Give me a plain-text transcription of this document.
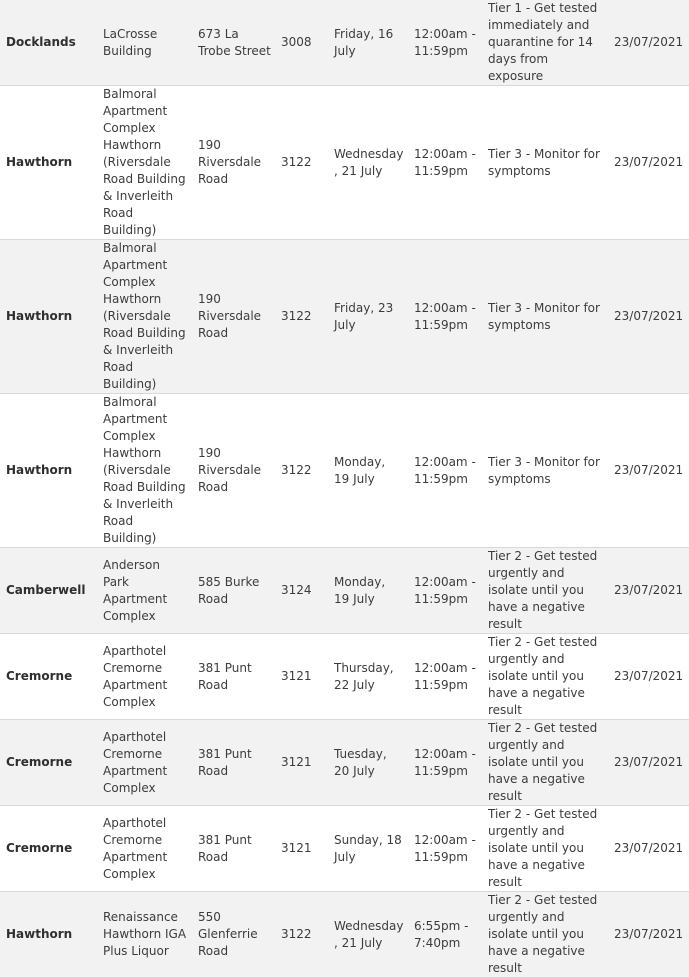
Docklands	LaCrosse Building	673 La Trobe Street	3008	Friday, 16 July	12:00am - 11:59pm	Tier 1 - Get tested immediately and quarantine for 14 days from exposure	23/07/2021
Hawthorn	Balmoral Apartment Complex Hawthorn (Riversdale Road Building & Inverleith Road Building)	190 Riversdale Road	3122	Wednesday, 21 July	12:00am - 11:59pm	Tier 3 - Monitor for symptoms	23/07/2021
Hawthorn	Balmoral Apartment Complex Hawthorn (Riversdale Road Building & Inverleith Road Building)	190 Riversdale Road	3122	Friday, 23 July	12:00am - 11:59pm	Tier 3 - Monitor for symptoms	23/07/2021
Hawthorn	Balmoral Apartment Complex Hawthorn (Riversdale Road Building & Inverleith Road Building)	190 Riversdale Road	3122	Monday, 19 July	12:00am - 11:59pm	Tier 3 - Monitor for symptoms	23/07/2021
Camberwell	Anderson Park Apartment Complex	585 Burke Road	3124	Monday, 19 July	12:00am - 11:59pm	Tier 2 - Get tested urgently and isolate until you have a negative result	23/07/2021
Cremorne	Aparthotel Cremorne Apartment Complex	381 Punt Road	3121	Thursday, 22 July	12:00am - 11:59pm	Tier 2 - Get tested urgently and isolate until you have a negative result	23/07/2021
Cremorne	Aparthotel Cremorne Apartment Complex	381 Punt Road	3121	Tuesday, 20 July	12:00am - 11:59pm	Tier 2 - Get tested urgently and isolate until you have a negative result	23/07/2021
Cremorne	Aparthotel Cremorne Apartment Complex	381 Punt Road	3121	Sunday, 18 July	12:00am - 11:59pm	Tier 2 - Get tested urgently and isolate until you have a negative result	23/07/2021
Hawthorn	Renaissance Hawthorn IGA Plus Liquor	550 Glenferrie Road	3122	Wednesday, 21 July	6:55pm - 7:40pm	Tier 2 - Get tested urgently and isolate until you have a negative result	23/07/2021
Chi na2au
